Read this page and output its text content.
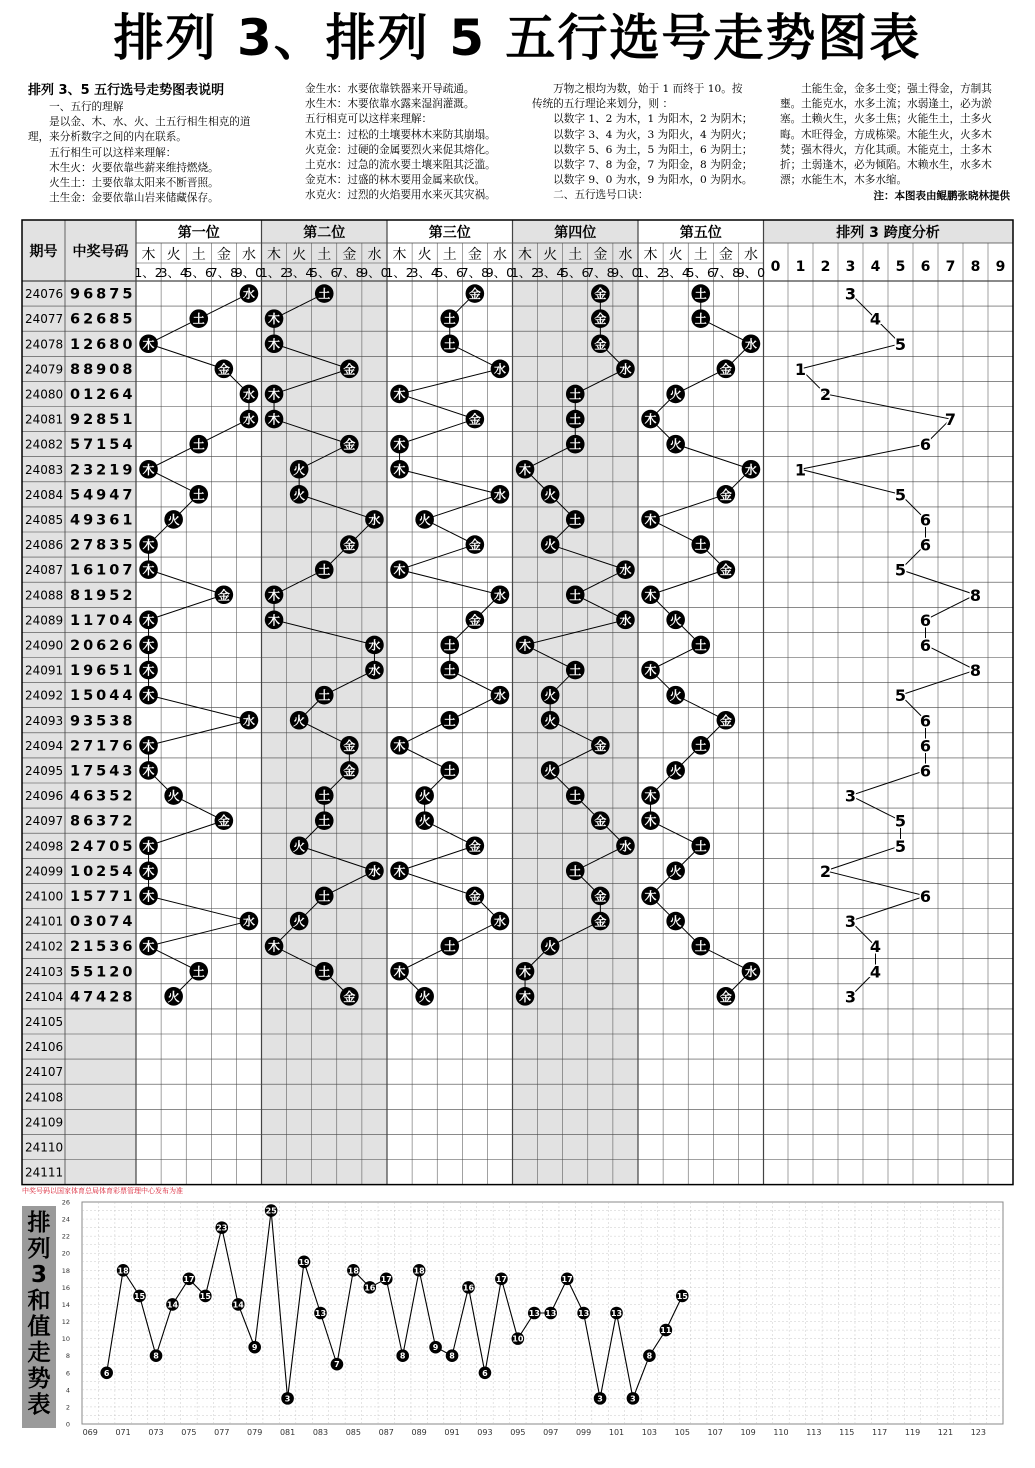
排列 3、排列 5 五行选号走势图表
排列 3、5 五行选号走势图表说明
　　一、五行的理解
　　是以金、木、水、火、土五行相生相克的道
理，来分析数字之间的内在联系。
　　五行相生可以这样来理解：
　　木生火：火要依靠些薪来维持燃烧。
　　火生土：土要依靠太阳来不断晋照。
　　土生金：金要依靠山岩来储藏保存。
金生水：水要依靠铁器来开导疏通。
水生木：木要依靠水露来湿润灌溉。
五行相克可以这样来理解：
木克土：过松的土壤要林木来防其崩塌。
火克金：过硬的金属要烈火来促其熔化。
土克水：过急的流水要土壤来阻其泛滥。
金克木：过盛的林木要用金属来砍伐。
水克火：过烈的火焰要用水来灭其灾祸。
　　万物之根均为数，始于 1 而终于 10。按
传统的五行理论来划分，则 ：
　　以数字 1、2 为木，1 为阳木，2 为阴木；
　　以数字 3、4 为火，3 为阳火，4 为阴火；
　　以数字 5、6 为土，5 为阳土，6 为阴土；
　　以数字 7、8 为金，7 为阳金，8 为阴金；
　　以数字 9、0 为水，9 为阳水，0 为阴水。
　　二、五行选号口诀：
　　土能生金，金多土变；强土得金，方制其
壅。土能克水，水多土流；水弱逢土，必为淤
塞。土赖火生，火多土焦；火能生土，土多火
晦。木旺得金，方成栋梁。木能生火，火多木
焚；强木得火，方化其顽。木能克土，土多木
折；土弱逢木，必为倾陷。木赖水生，水多木
漂；水能生木，木多水缩。
注：本图表由鲲鹏张晓林提供
期号 中奖号码
第一位
木
1、2
火
3、4
土
5、6
金
7、8
水
9、0
第二位
木
1、2
火
3、4
土
5、6
金
7、8
水
9、0
第三位
木
1、2
火
3、4
土
5、6
金
7、8
水
9、0
第四位
木
1、2
火
3、4
土
5、6
金
7、8
水
9、0
第五位
木
1、2
火
3、4
土
5、6
金
7、8
水
9、0
排列 3 跨度分析
0 1 2 3 4 5 6 7 8 9
24076
24077
24078
24079
24080
24081
24082
24083
24084
24085
24086
24087
24088
24089
24090
24091
24092
24093
24094
24095
24096
24097
24098
24099
24100
24101
24102
24103
24104
24105
24106
24107
24108
24109
24110
24111
96875
62685
12680
88908
01264
92851
57154
23219
54947
49361
27835
16107
81952
11704
20626
19651
15044
93538
27176
17543
46352
86372
24705
10254
15771
03074
21536
55120
47428
水
土
木
金
水
水
土
木
土
火
木
木
金
木
木
木
木
水
木
木
火
金
木
木
木
水
木
土
火
土
木
木
金
木
木
金
火
火
水
金
土
木
木
水
水
土
火
金
金
土
土
火
水
土
火
木
土
金
金
土
土
水
木
金
木
木
水
火
金
木
水
金
土
土
水
土
木
土
火
火
金
木
金
水
土
木
火
金
金
金
水
土
土
土
木
火
土
火
水
土
水
木
土
火
火
金
火
土
金
水
土
金
金
火
木
木
土
土
水
金
火
木
火
水
金
木
土
金
木
火
土
木
火
金
土
火
木
木
土
火
木
火
土
水
金
3
4
5
1
2
7
6
1
5
6
6
5
8
6
6
8
5
6
6
6
3
5
5
2
6
3
4
4
3
0
2
4
6
8
10
12
14
16
18
20
22
24
26
069 071 073 075 077 079 081 083 085 087 089 091 093 095 097 099 101 103 105 107 109 110 113 115 117 119 121 123
6
18
15
8
14
17
15
23
14
9
25
3
19
13
7
18
16
17
8
18
9
8
16
6
17
10
13 13
17
13
3
13
3
8
11
15
中奖号码以国家体育总局体育彩票管理中心发布为准
排
列
3
和
值
走
势
表
